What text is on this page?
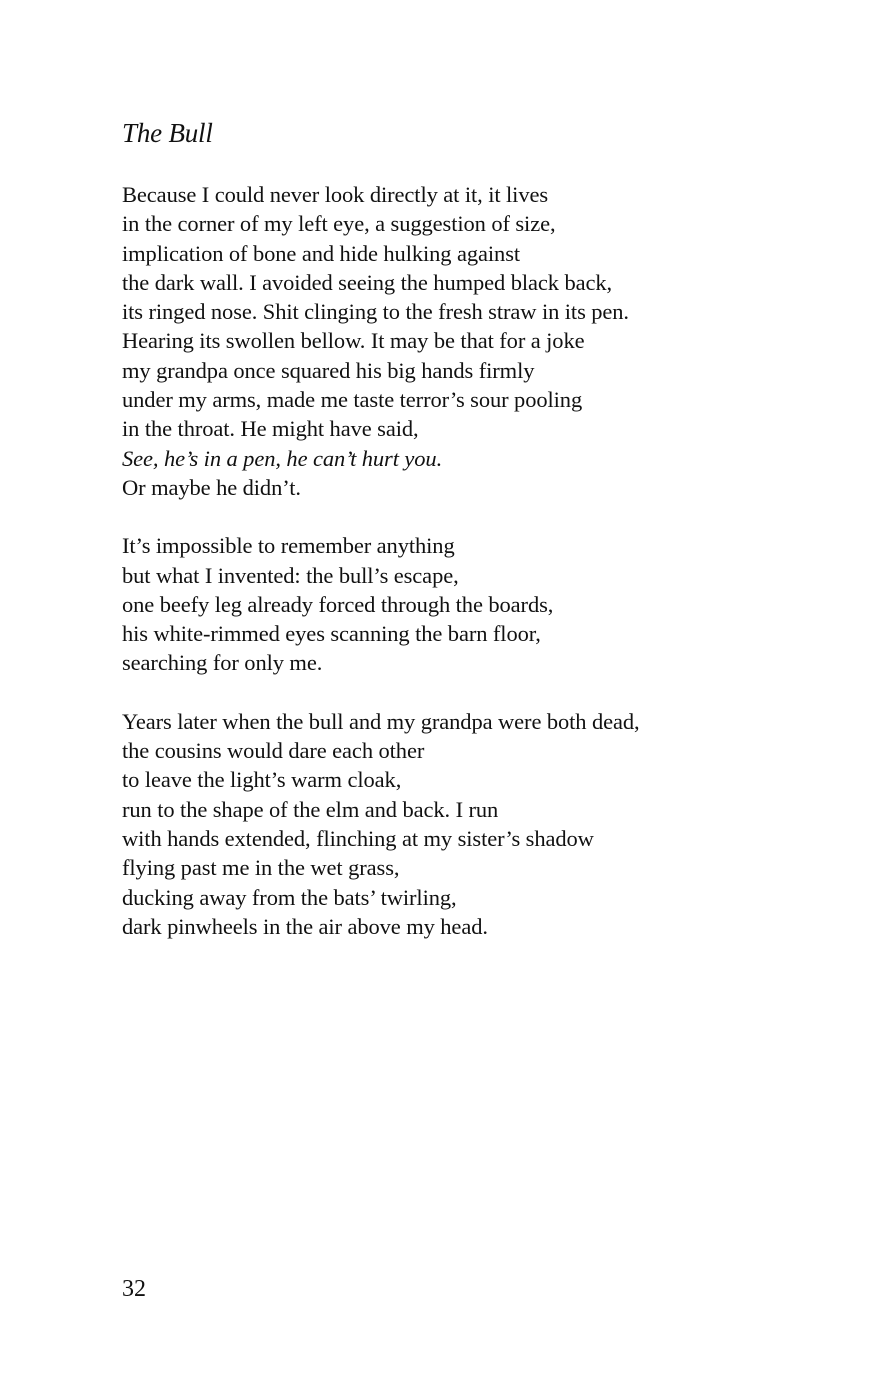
The Bull
Because I could never look directly at it, it lives
in the corner of my left eye, a suggestion of size,
implication of bone and hide hulking against
the dark wall. I avoided seeing the humped black back,
its ringed nose. Shit clinging to the fresh straw in its pen.
Hearing its swollen bellow. It may be that for a joke
my grandpa once squared his big hands firmly
under my arms, made me taste terror’s sour pooling
in the throat. He might have said,
See, he’s in a pen, he can’t hurt you.
Or maybe he didn’t.
It’s impossible to remember anything
but what I invented: the bull’s escape,
one beefy leg already forced through the boards,
his white-rimmed eyes scanning the barn floor,
searching for only me.
Years later when the bull and my grandpa were both dead,
the cousins would dare each other
to leave the light’s warm cloak,
run to the shape of the elm and back. I run
with hands extended, flinching at my sister’s shadow
flying past me in the wet grass,
ducking away from the bats’ twirling,
dark pinwheels in the air above my head.
32
